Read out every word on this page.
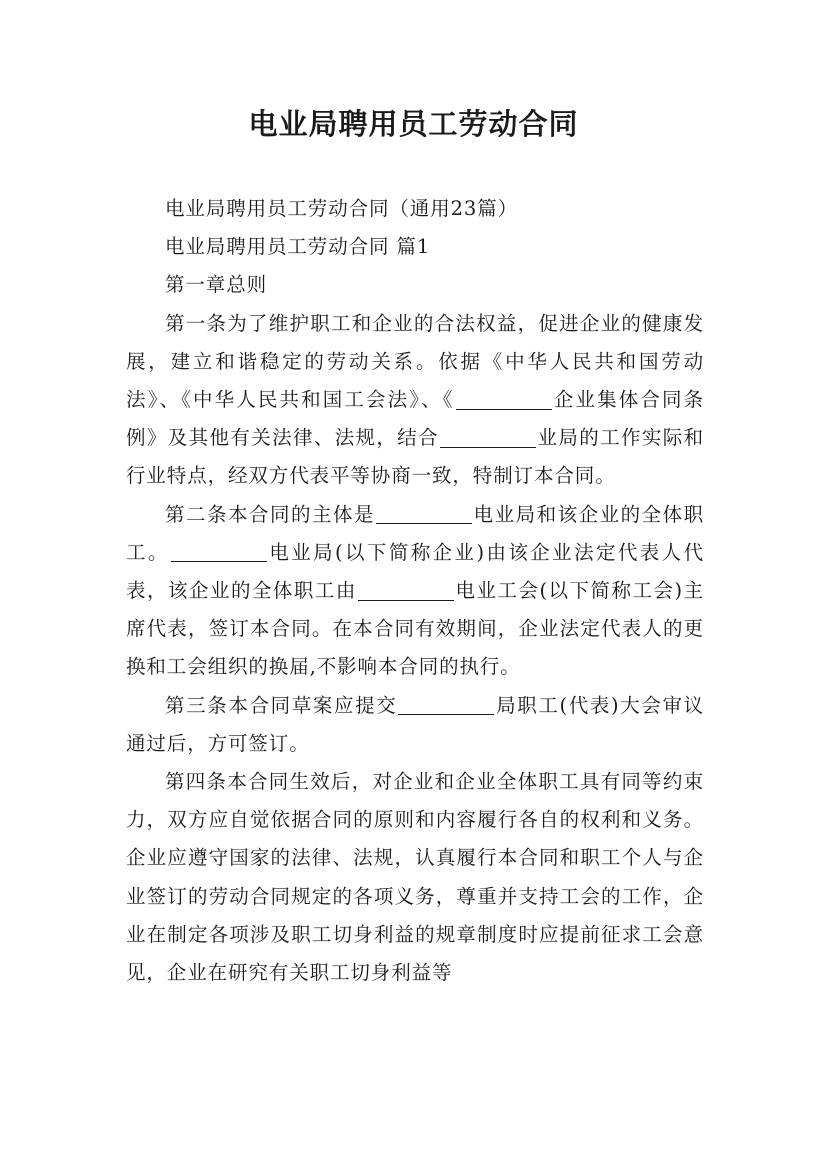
电业局聘用员工劳动合同

电业局聘用员工劳动合同（通用23篇）

电业局聘用员工劳动合同 篇1

第一章总则

第一条为了维护职工和企业的合法权益，促进企业的健康发展，建立和谐稳定的劳动关系。依据《中华人民共和国劳动法》、《中华人民共和国工会法》、《	企业集体合同条例》及其他有关法律、法规，结合	业局的工作实际和行业特点，经双方代表平等协商一致，特制订本合同。

第二条本合同的主体是	电业局和该企业的全体职工。	电业局(以下简称企业)由该企业法定代表人代表，该企业的全体职工由	电业工会(以下简称工会)主席代表，签订本合同。在本合同有效期间，企业法定代表人的更换和工会组织的换届,不影响本合同的执行。

第三条本合同草案应提交	局职工(代表)大会审议通过后，方可签订。

第四条本合同生效后，对企业和企业全体职工具有同等约束力，双方应自觉依据合同的原则和内容履行各自的权利和义务。企业应遵守国家的法律、法规，认真履行本合同和职工个人与企业签订的劳动合同规定的各项义务，尊重并支持工会的工作，企业在制定各项涉及职工切身利益的规章制度时应提前征求工会意见，企业在研究有关职工切身利益等
